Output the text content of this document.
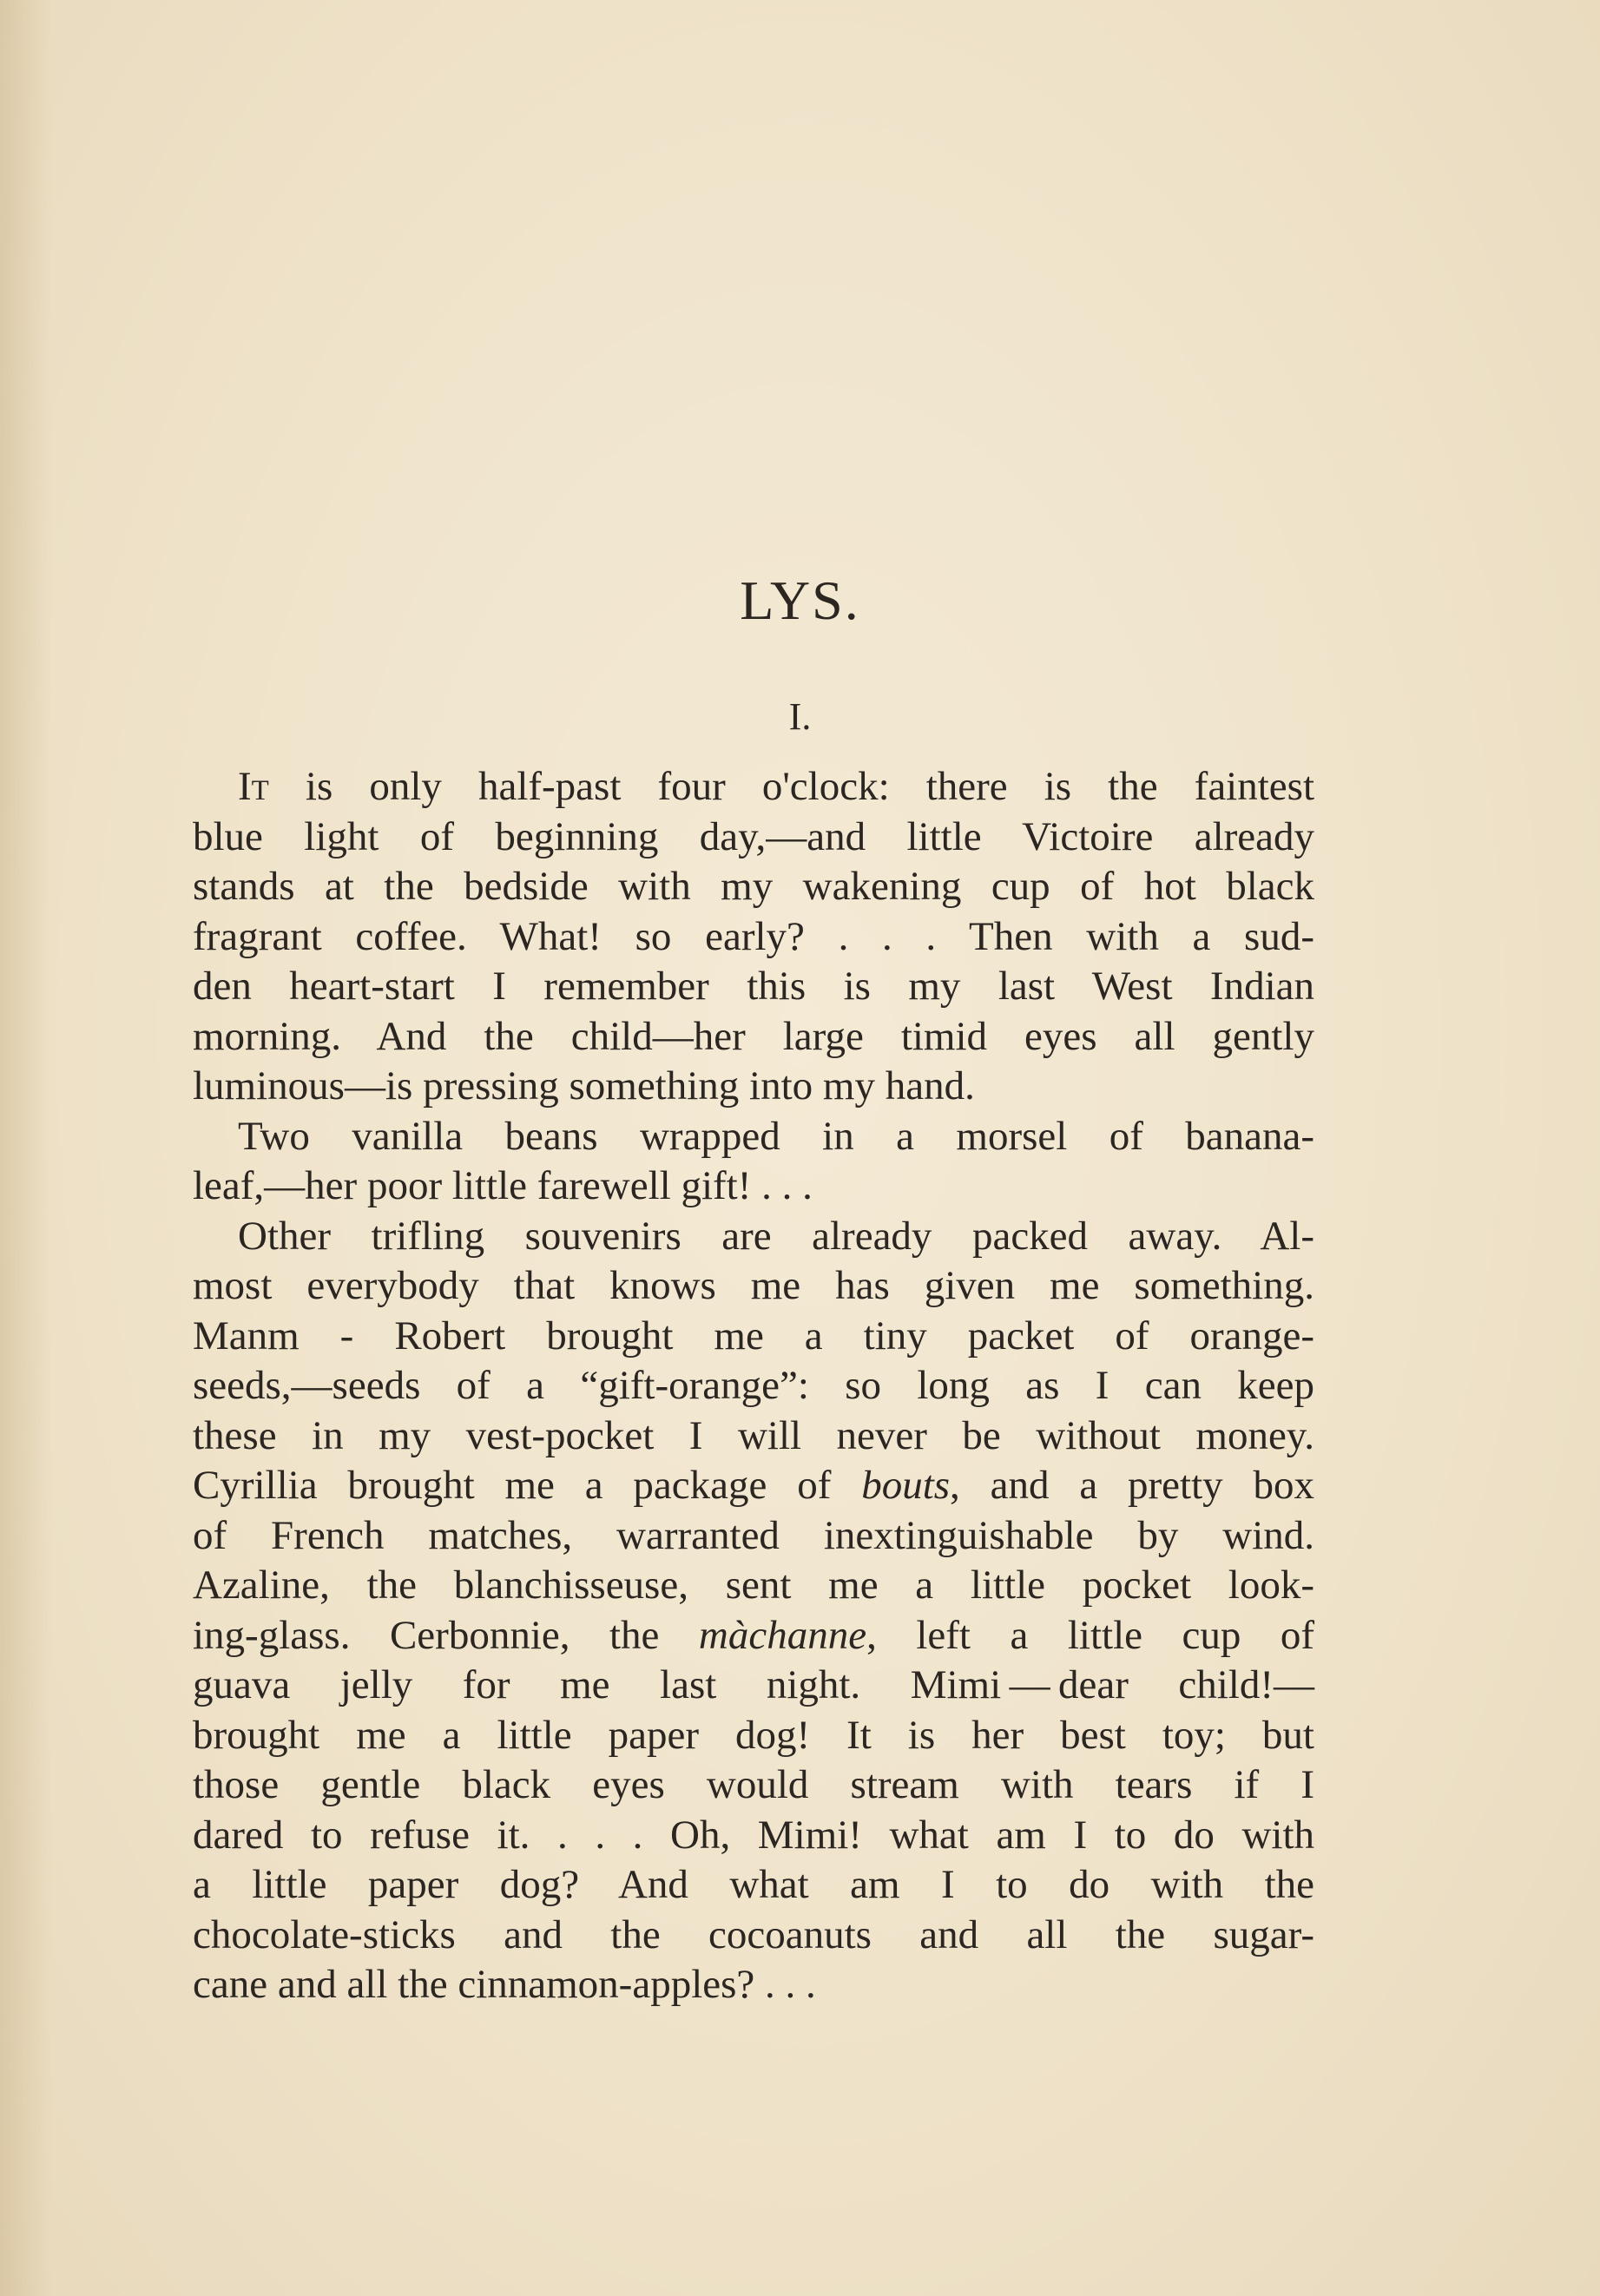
LYS.
I.
It is only half-past four o'clock: there is the faintest
blue light of beginning day,—and little Victoire already
stands at the bedside with my wakening cup of hot black
fragrant coffee. What! so early? . . . Then with a sud-
den heart-start I remember this is my last West Indian
morning. And the child—her large timid eyes all gently
luminous—is pressing something into my hand.
Two vanilla beans wrapped in a morsel of banana-
leaf,—her poor little farewell gift! . . .
Other trifling souvenirs are already packed away. Al-
most everybody that knows me has given me something.
Manm - Robert brought me a tiny packet of orange-
seeds,—seeds of a “gift-orange”: so long as I can keep
these in my vest-pocket I will never be without money.
Cyrillia brought me a package of bouts, and a pretty box
of French matches, warranted inextinguishable by wind.
Azaline, the blanchisseuse, sent me a little pocket look-
ing-glass. Cerbonnie, the màchanne, left a little cup of
guava jelly for me last night. Mimi — dear child!—
brought me a little paper dog! It is her best toy; but
those gentle black eyes would stream with tears if I
dared to refuse it. . . . Oh, Mimi! what am I to do with
a little paper dog? And what am I to do with the
chocolate-sticks and the cocoanuts and all the sugar-
cane and all the cinnamon-apples? . . .
